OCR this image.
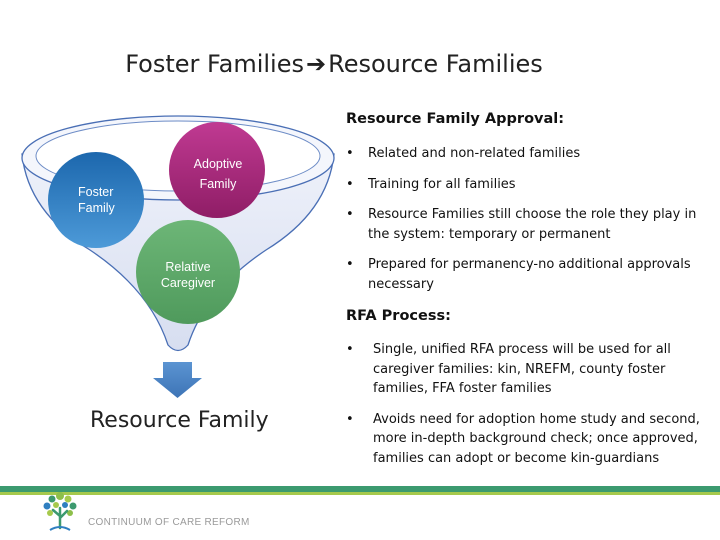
Foster Families➔Resource Families
Adoptive
Family
Foster
Family
Relative
Caregiver
Resource Family
Resource Family Approval:
• Related and non-related families
• Training for all families
• Resource Families still choose the role they play in the system: temporary or permanent
• Prepared for permanency-no additional approvals necessary
RFA Process:
• Single, unified RFA process will be used for all caregiver families: kin, NREFM, county foster families, FFA foster families
• Avoids need for adoption home study and second, more in-depth background check; once approved, families can adopt or become kin-guardians
CONTINUUM OF CARE REFORM
